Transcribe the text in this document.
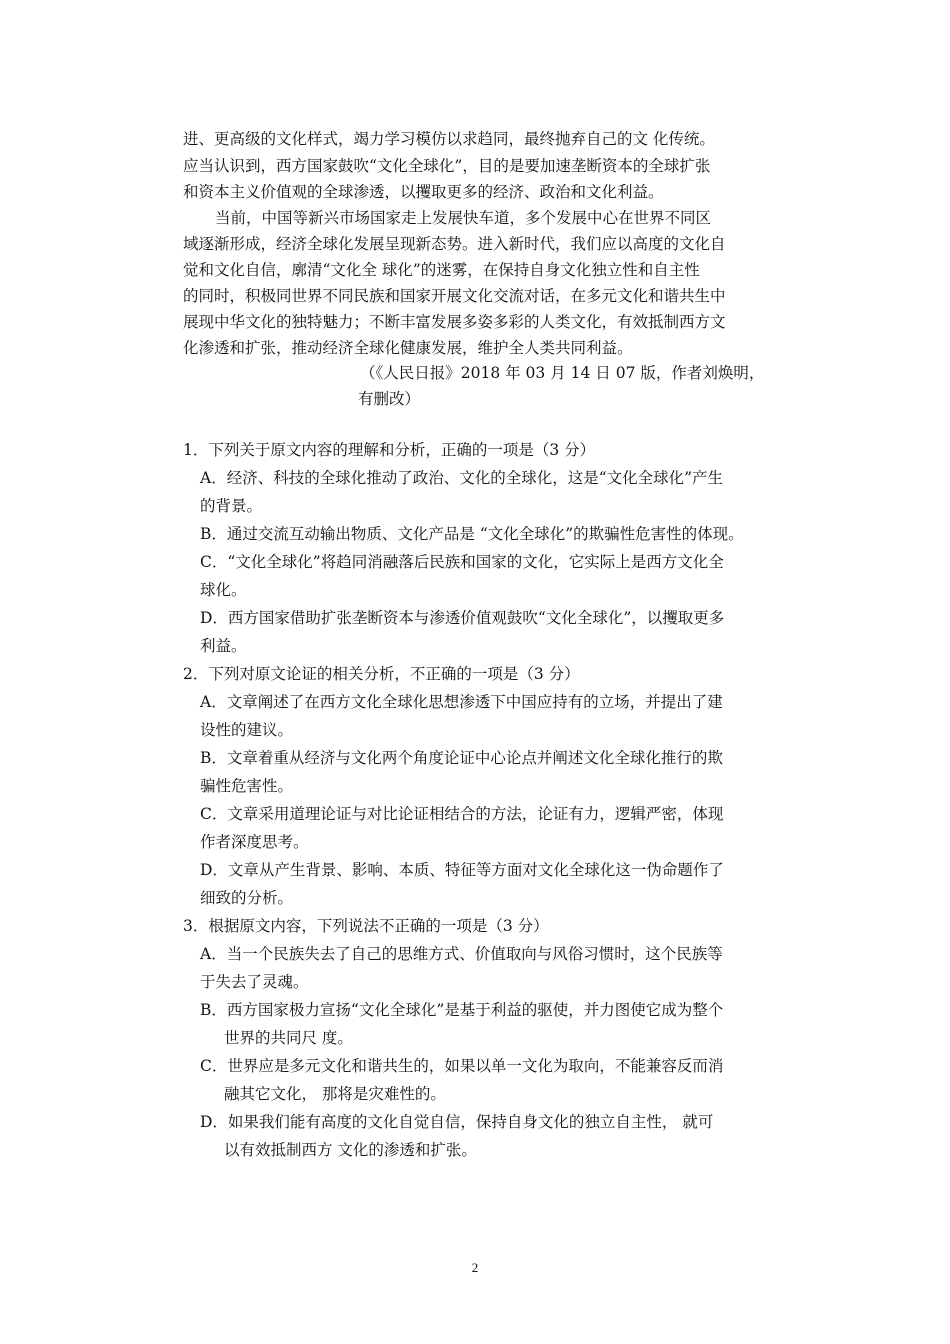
进、更高级的文化样式，竭力学习模仿以求趋同，最终抛弃自己的文 化传统。
应当认识到，西方国家鼓吹“文化全球化”，目的是要加速垄断资本的全球扩张
和资本主义价值观的全球渗透，以攫取更多的经济、政治和文化利益。
当前，中国等新兴市场国家走上发展快车道，多个发展中心在世界不同区
域逐渐形成，经济全球化发展呈现新态势。进入新时代，我们应以高度的文化自
觉和文化自信，廓清“文化全 球化”的迷雾，在保持自身文化独立性和自主性
的同时，积极同世界不同民族和国家开展文化交流对话，在多元文化和谐共生中
展现中华文化的独特魅力；不断丰富发展多姿多彩的人类文化，有效抵制西方文
化渗透和扩张，推动经济全球化健康发展，维护全人类共同利益。
（《人民日报》2018 年 03 月 14 日 07 版，作者刘焕明，
有删改）
1．下列关于原文内容的理解和分析，正确的一项是（3 分）
A．经济、科技的全球化推动了政治、文化的全球化，这是“文化全球化”产生
的背景。
B．通过交流互动输出物质、文化产品是 “文化全球化”的欺骗性危害性的体现。
C．“文化全球化”将趋同消融落后民族和国家的文化，它实际上是西方文化全
球化。
D．西方国家借助扩张垄断资本与渗透价值观鼓吹“文化全球化”，以攫取更多
利益。
2．下列对原文论证的相关分析，不正确的一项是（3 分）
A．文章阐述了在西方文化全球化思想渗透下中国应持有的立场，并提出了建
设性的建议。
B．文章着重从经济与文化两个角度论证中心论点并阐述文化全球化推行的欺
骗性危害性。
C．文章采用道理论证与对比论证相结合的方法，论证有力，逻辑严密，体现
作者深度思考。
D．文章从产生背景、影响、本质、特征等方面对文化全球化这一伪命题作了
细致的分析。
3．根据原文内容，下列说法不正确的一项是（3 分）
A．当一个民族失去了自己的思维方式、价值取向与风俗习惯时，这个民族等
于失去了灵魂。
B．西方国家极力宣扬“文化全球化”是基于利益的驱使，并力图使它成为整个
世界的共同尺 度。
C．世界应是多元文化和谐共生的，如果以单一文化为取向，不能兼容反而消
融其它文化， 那将是灾难性的。
D．如果我们能有高度的文化自觉自信，保持自身文化的独立自主性， 就可
以有效抵制西方 文化的渗透和扩张。
2
